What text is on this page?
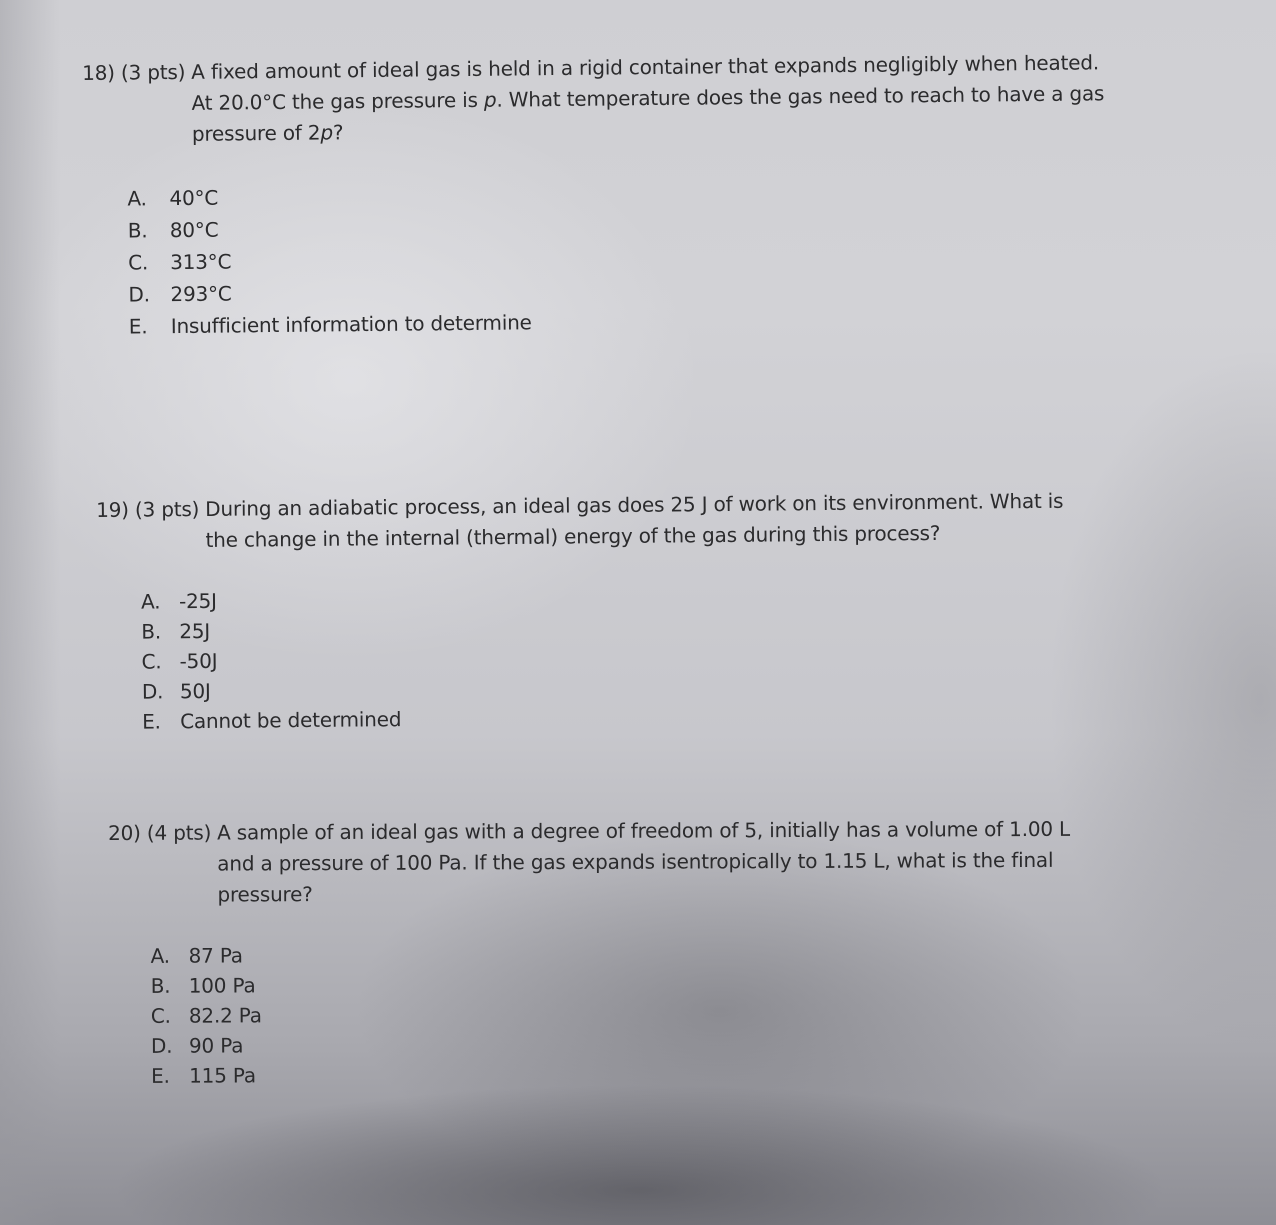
18) (3 pts) A fixed amount of ideal gas is held in a rigid container that expands negligibly when heated. At 20.0°C the gas pressure is p. What temperature does the gas need to reach to have a gas pressure of 2p?
A.	40°C
B.	80°C
C.	313°C
D.	293°C
E.	Insufficient information to determine
19) (3 pts) During an adiabatic process, an ideal gas does 25 J of work on its environment. What is the change in the internal (thermal) energy of the gas during this process?
A. -25J
B. 25J
C. -50J
D. 50J
E. Cannot be determined
20) (4 pts) A sample of an ideal gas with a degree of freedom of 5, initially has a volume of 1.00 L and a pressure of 100 Pa. If the gas expands isentropically to 1.15 L, what is the final pressure?
A. 87 Pa
B. 100 Pa
C. 82.2 Pa
D. 90 Pa
E. 115 Pa
